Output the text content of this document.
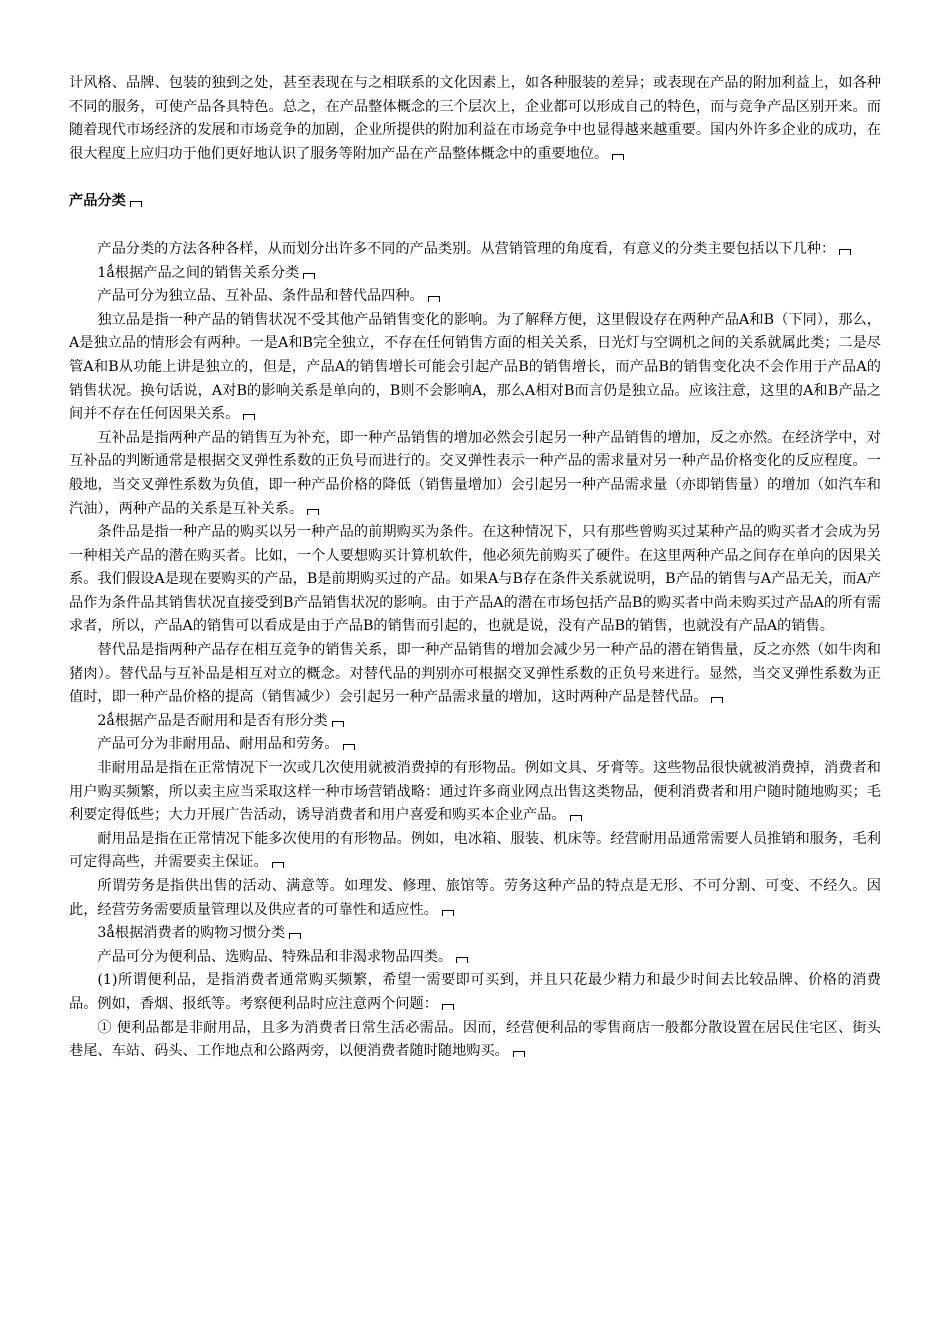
计风格、品牌、包装的独到之处，甚至表现在与之相联系的文化因素上，如各种服装的差异；或表现在产品的附加利益上，如各种不同的服务，可使产品各具特色。总之，在产品整体概念的三个层次上，企业都可以形成自己的特色，而与竞争产品区别开来。而随着现代市场经济的发展和市场竞争的加剧，企业所提供的附加利益在市场竞争中也显得越来越重要。国内外许多企业的成功，在很大程度上应归功于他们更好地认识了服务等附加产品在产品整体概念中的重要地位。

产品分类

产品分类的方法各种各样，从而划分出许多不同的产品类别。从营销管理的角度看，有意义的分类主要包括以下几种：

1ǻ根据产品之间的销售关系分类

产品可分为独立品、互补品、条件品和替代品四种。

独立品是指一种产品的销售状况不受其他产品销售变化的影响。为了解释方便，这里假设存在两种产品A和B（下同），那么，A是独立品的情形会有两种。一是A和B完全独立，不存在任何销售方面的相关关系，日光灯与空调机之间的关系就属此类；二是尽管A和B从功能上讲是独立的，但是，产品A的销售增长可能会引起产品B的销售增长，而产品B的销售变化决不会作用于产品A的销售状况。换句话说，A对B的影响关系是单向的，B则不会影响A，那么A相对B而言仍是独立品。应该注意，这里的A和B产品之间并不存在任何因果关系。

互补品是指两种产品的销售互为补充，即一种产品销售的增加必然会引起另一种产品销售的增加，反之亦然。在经济学中，对互补品的判断通常是根据交叉弹性系数的正负号而进行的。交叉弹性表示一种产品的需求量对另一种产品价格变化的反应程度。一般地，当交叉弹性系数为负值，即一种产品价格的降低（销售量增加）会引起另一种产品需求量（亦即销售量）的增加（如汽车和汽油），两种产品的关系是互补关系。

条件品是指一种产品的购买以另一种产品的前期购买为条件。在这种情况下，只有那些曾购买过某种产品的购买者才会成为另一种相关产品的潜在购买者。比如，一个人要想购买计算机软件，他必须先前购买了硬件。在这里两种产品之间存在单向的因果关系。我们假设A是现在要购买的产品，B是前期购买过的产品。如果A与B存在条件关系就说明，B产品的销售与A产品无关，而A产品作为条件品其销售状况直接受到B产品销售状况的影响。由于产品A的潜在市场包括产品B的购买者中尚未购买过产品A的所有需求者，所以，产品A的销售可以看成是由于产品B的销售而引起的，也就是说，没有产品B的销售，也就没有产品A的销售。

替代品是指两种产品存在相互竞争的销售关系，即一种产品销售的增加会减少另一种产品的潜在销售量，反之亦然（如牛肉和猪肉）。替代品与互补品是相互对立的概念。对替代品的判别亦可根据交叉弹性系数的正负号来进行。显然，当交叉弹性系数为正值时，即一种产品价格的提高（销售减少）会引起另一种产品需求量的增加，这时两种产品是替代品。

2ǻ根据产品是否耐用和是否有形分类

产品可分为非耐用品、耐用品和劳务。

非耐用品是指在正常情况下一次或几次使用就被消费掉的有形物品。例如文具、牙膏等。这些物品很快就被消费掉，消费者和用户购买频繁，所以卖主应当采取这样一种市场营销战略：通过许多商业网点出售这类物品，便利消费者和用户随时随地购买；毛利要定得低些；大力开展广告活动，诱导消费者和用户喜爱和购买本企业产品。

耐用品是指在正常情况下能多次使用的有形物品。例如，电冰箱、服装、机床等。经营耐用品通常需要人员推销和服务，毛利可定得高些，并需要卖主保证。

所谓劳务是指供出售的活动、满意等。如理发、修理、旅馆等。劳务这种产品的特点是无形、不可分割、可变、不经久。因此，经营劳务需要质量管理以及供应者的可靠性和适应性。

3ǻ根据消费者的购物习惯分类

产品可分为便利品、选购品、特殊品和非渴求物品四类。

(1)所谓便利品，是指消费者通常购买频繁，希望一需要即可买到，并且只花最少精力和最少时间去比较品牌、价格的消费品。例如，香烟、报纸等。考察便利品时应注意两个问题：

① 便利品都是非耐用品，且多为消费者日常生活必需品。因而，经营便利品的零售商店一般都分散设置在居民住宅区、街头巷尾、车站、码头、工作地点和公路两旁，以便消费者随时随地购买。
